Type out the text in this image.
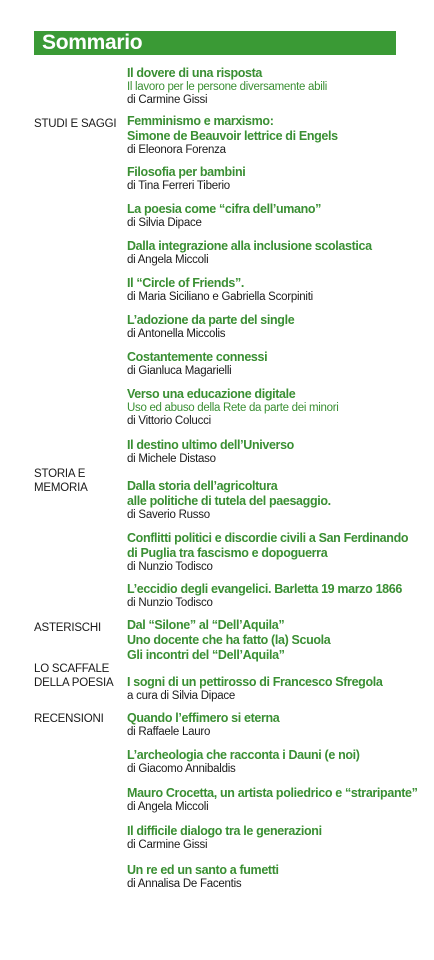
Sommario
STUDI E SAGGI
STORIA E
MEMORIA
ASTERISCHI
LO SCAFFALE
DELLA POESIA
RECENSIONI
Il dovere di una risposta
Il lavoro per le persone diversamente abili
di Carmine Gissi
Femminismo e marxismo:
Simone de Beauvoir lettrice di Engels
di Eleonora Forenza
Filosofia per bambini
di Tina Ferreri Tiberio
La poesia come “cifra dell’umano”
di Silvia Dipace
Dalla integrazione alla inclusione scolastica
di Angela Miccoli
Il “Circle of Friends”.
di Maria Siciliano e Gabriella Scorpiniti
L’adozione da parte del single
di Antonella Miccolis
Costantemente connessi
di Gianluca Magarielli
Verso una educazione digitale
Uso ed abuso della Rete da parte dei minori
di Vittorio Colucci
Il destino ultimo dell’Universo
di Michele Distaso
Dalla storia dell’agricoltura
alle politiche di tutela del paesaggio.
di Saverio Russo
Conflitti politici e discordie civili a San Ferdinando
di Puglia tra fascismo e dopoguerra
di Nunzio Todisco
L’eccidio degli evangelici. Barletta 19 marzo 1866
di Nunzio Todisco
Dal “Silone” al “Dell’Aquila”
Uno docente che ha fatto (la) Scuola
Gli incontri del “Dell’Aquila”
I sogni di un pettirosso di Francesco Sfregola
a cura di Silvia Dipace
Quando l’effimero si eterna
di Raffaele Lauro
L’archeologia che racconta i Dauni (e noi)
di Giacomo Annibaldis
Mauro Crocetta, un artista poliedrico e “straripante”
di Angela Miccoli
Il difficile dialogo tra le generazioni
di Carmine Gissi
Un re ed un santo a fumetti
di Annalisa De Facentis
